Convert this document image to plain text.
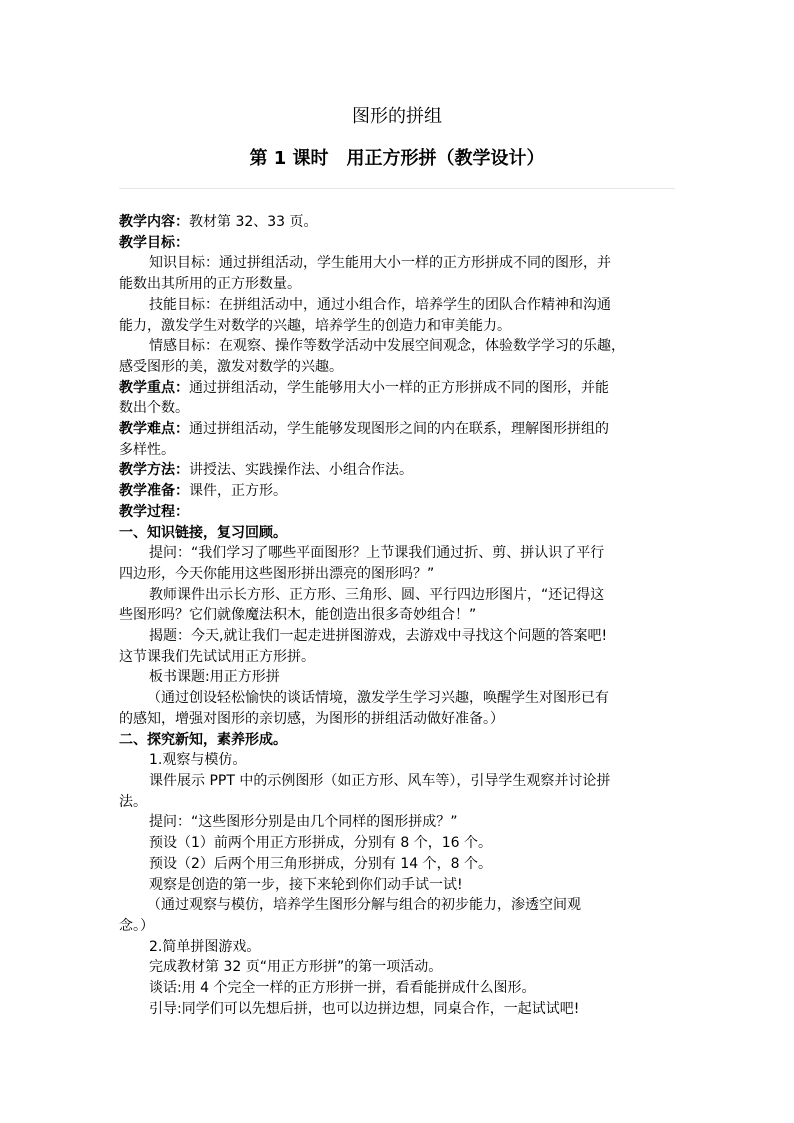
图形的拼组
第 1 课时　用正方形拼（教学设计）

教学内容：教材第 32、33 页。

教学目标：

知识目标：通过拼组活动，学生能用大小一样的正方形拼成不同的图形，并

能数出其所用的正方形数量。

技能目标：在拼组活动中，通过小组合作，培养学生的团队合作精神和沟通

能力，激发学生对数学的兴趣，培养学生的创造力和审美能力。

情感目标：在观察、操作等数学活动中发展空间观念，体验数学学习的乐趣，

感受图形的美，激发对数学的兴趣。

教学重点：通过拼组活动，学生能够用大小一样的正方形拼成不同的图形，并能

数出个数。

教学难点：通过拼组活动，学生能够发现图形之间的内在联系，理解图形拼组的

多样性。

教学方法：讲授法、实践操作法、小组合作法。

教学准备：课件，正方形。

教学过程：

一、知识链接，复习回顾。

提问：“我们学习了哪些平面图形？上节课我们通过折、剪、拼认识了平行

四边形，今天你能用这些图形拼出漂亮的图形吗？”

教师课件出示长方形、正方形、三角形、圆、平行四边形图片，“还记得这

些图形吗？它们就像魔法积木，能创造出很多奇妙组合！”

揭题：今天,就让我们一起走进拼图游戏，去游戏中寻找这个问题的答案吧!

这节课我们先试试用正方形拼。

板书课题:用正方形拼

（通过创设轻松愉快的谈话情境，激发学生学习兴趣，唤醒学生对图形已有

的感知，增强对图形的亲切感，为图形的拼组活动做好准备。）

二、探究新知，素养形成。

1.观察与模仿。

课件展示 PPT 中的示例图形（如正方形、风车等），引导学生观察并讨论拼

法。

提问：“这些图形分别是由几个同样的图形拼成？”

预设（1）前两个用正方形拼成，分别有 8 个，16 个。

预设（2）后两个用三角形拼成，分别有 14 个，8 个。

观察是创造的第一步，接下来轮到你们动手试一试!

（通过观察与模仿，培养学生图形分解与组合的初步能力，渗透空间观

念。）

2.简单拼图游戏。

完成教材第 32 页“用正方形拼”的第一项活动。

谈话:用 4 个完全一样的正方形拼一拼，看看能拼成什么图形。

引导:同学们可以先想后拼，也可以边拼边想，同桌合作，一起试试吧!
